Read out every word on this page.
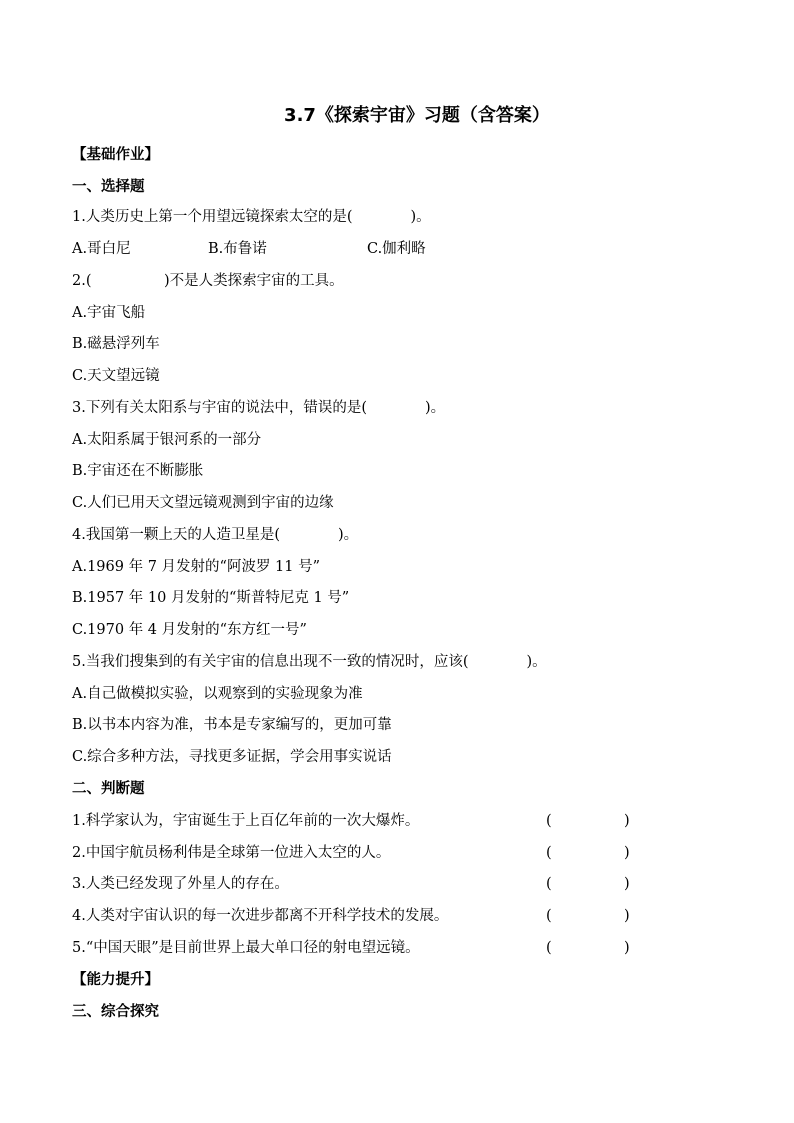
3.7《探索宇宙》习题（含答案）
【基础作业】
一、选择题
1.人类历史上第一个用望远镜探索太空的是(　　　　)。
A.哥白尼	B.布鲁诺	C.伽利略
2.(　　　　　)不是人类探索宇宙的工具。
A.宇宙飞船
B.磁悬浮列车
C.天文望远镜
3.下列有关太阳系与宇宙的说法中，错误的是(　　　　)。
A.太阳系属于银河系的一部分
B.宇宙还在不断膨胀
C.人们已用天文望远镜观测到宇宙的边缘
4.我国第一颗上天的人造卫星是(　　　　)。
A.1969 年 7 月发射的“阿波罗 11 号”
B.1957 年 10 月发射的“斯普特尼克 1 号”
C.1970 年 4 月发射的“东方红一号”
5.当我们搜集到的有关宇宙的信息出现不一致的情况时，应该(　　　　)。
A.自己做模拟实验，以观察到的实验现象为准
B.以书本内容为准，书本是专家编写的，更加可靠
C.综合多种方法，寻找更多证据，学会用事实说话
二、判断题
1.科学家认为，宇宙诞生于上百亿年前的一次大爆炸。	(	)
2.中国宇航员杨利伟是全球第一位进入太空的人。	(	)
3.人类已经发现了外星人的存在。	(	)
4.人类对宇宙认识的每一次进步都离不开科学技术的发展。	(	)
5.“中国天眼”是目前世界上最大单口径的射电望远镜。	(	)
【能力提升】
三、综合探究
